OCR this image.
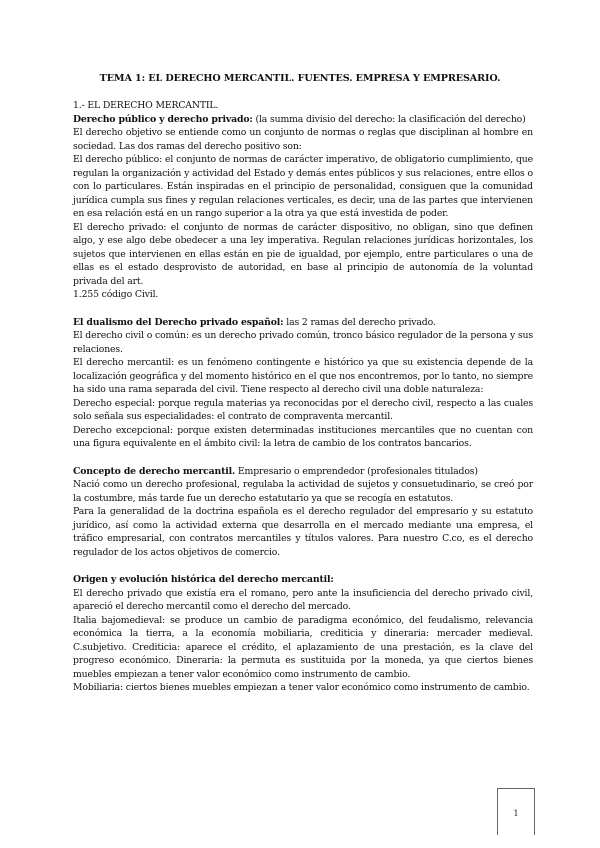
TEMA 1: EL DERECHO MERCANTIL. FUENTES. EMPRESA Y EMPRESARIO.

1.- EL DERECHO MERCANTIL.

Derecho público y derecho privado: (la summa divisio del derecho: la clasificación del derecho)

El derecho objetivo se entiende como un conjunto de normas o reglas que disciplinan al hombre en sociedad. Las dos ramas del derecho positivo son:

El derecho público: el conjunto de normas de carácter imperativo, de obligatorio cumplimiento, que regulan la organización y actividad del Estado y demás entes públicos y sus relaciones, entre ellos o con lo particulares. Están inspiradas en el principio de personalidad, consiguen que la comunidad jurídica cumpla sus fines y regulan relaciones verticales, es decir, una de las partes que intervienen en esa relación está en un rango superior a la otra ya que está investida de poder.

El derecho privado: el conjunto de normas de carácter dispositivo, no obligan, sino que definen algo, y ese algo debe obedecer a una ley imperativa. Regulan relaciones jurídicas horizontales, los sujetos que intervienen en ellas están en pie de igualdad, por ejemplo, entre particulares o una de ellas es el estado desprovisto de autoridad, en base al principio de autonomía de la voluntad privada del art.

1.255 código Civil.

El dualismo del Derecho privado español: las 2 ramas del derecho privado.

El derecho civil o común: es un derecho privado común, tronco básico regulador de la persona y sus relaciones.

El derecho mercantil: es un fenómeno contingente e histórico ya que su existencia depende de la localización geográfica y del momento histórico en el que nos encontremos, por lo tanto, no siempre ha sido una rama separada del civil. Tiene respecto al derecho civil una doble naturaleza:

Derecho especial: porque regula materias ya reconocidas por el derecho civil, respecto a las cuales solo señala sus especialidades: el contrato de compraventa mercantil.

Derecho excepcional: porque existen determinadas instituciones mercantiles que no cuentan con una figura equivalente en el ámbito civil: la letra de cambio de los contratos bancarios.

Concepto de derecho mercantil. Empresario o emprendedor (profesionales titulados)

Nació como un derecho profesional, regulaba la actividad de sujetos y consuetudinario, se creó por la costumbre, más tarde fue un derecho estatutario ya que se recogía en estatutos.

Para la generalidad de la doctrina española es el derecho regulador del empresario y su estatuto jurídico, así como la actividad externa que desarrolla en el mercado mediante una empresa, el tráfico empresarial, con contratos mercantiles y títulos valores. Para nuestro C.co, es el derecho regulador de los actos objetivos de comercio.

Origen y evolución histórica del derecho mercantil:

El derecho privado que existía era el romano, pero ante la insuficiencia del derecho privado civil, apareció el derecho mercantil como el derecho del mercado.

Italia bajomedieval: se produce un cambio de paradigma económico, del feudalismo, relevancia económica la tierra, a la economía mobiliaria, crediticia y dineraria: mercader medieval. C.subjetivo. Crediticia: aparece el crédito, el aplazamiento de una prestación, es la clave del progreso económico. Dineraria: la permuta es sustituida por la moneda, ya que ciertos bienes muebles empiezan a tener valor económico como instrumento de cambio.

Mobiliaria: ciertos bienes muebles empiezan a tener valor económico como instrumento de cambio.

1
